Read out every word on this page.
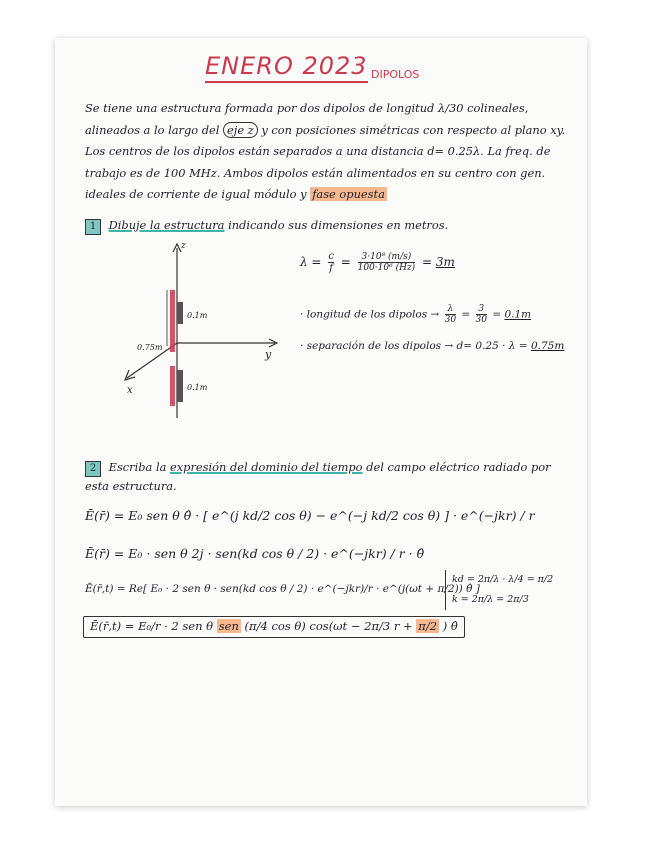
ENERO 2023 DIPOLOS
Se tiene una estructura formada por dos dipolos de longitud λ/30 colineales, alineados a lo largo del eje z y con posiciones simétricas con respecto al plano xy. Los centros de los dipolos están separados a una distancia d= 0.25λ. La freq. de trabajo es de 100 MHz. Ambos dipolos están alimentados en su centro con gen. ideales de corriente de igual módulo y fase opuesta
1 Dibuje la estructura indicando sus dimensiones en metros.
z
y
x
0.1m
0.1m
0.75m
$\lambda = \frac{c}{f} = \frac{\text{3·10⁸ (m/s)}}{\text{100·10⁶ (Hz)}} = 3m$
· longitud de los dipolos → $\frac{\lambda}{30} = \frac{3}{30} = 0.1m$
· separación de los dipolos → d= 0.25 · λ = 0.75m
2 Escriba la expresión del dominio del tiempo del campo eléctrico radiado por esta estructura.
Ē(r̄) = E₀ sen θ θ̂ · [ e^(j kd/2 cos θ) − e^(−j kd/2 cos θ) ] · e^(−jkr) / r
Ē(r̄) = E₀ · sen θ 2j · sen(kd cos θ / 2) · e^(−jkr) / r · θ̂
Ē(r̄,t) = Re[ E₀ · 2 sen θ · sen(kd cos θ / 2) · e^(−jkr)/r · e^(j(ωt + π/2)) θ̂ ]
kd = 2π/λ · λ/4 = π/2
k = 2π/λ = 2π/3
Ē(r̄,t) = E₀/r · 2 sen θ sen (π/4 cos θ) cos(ωt − 2π/3 r + π/2 ) θ̂
